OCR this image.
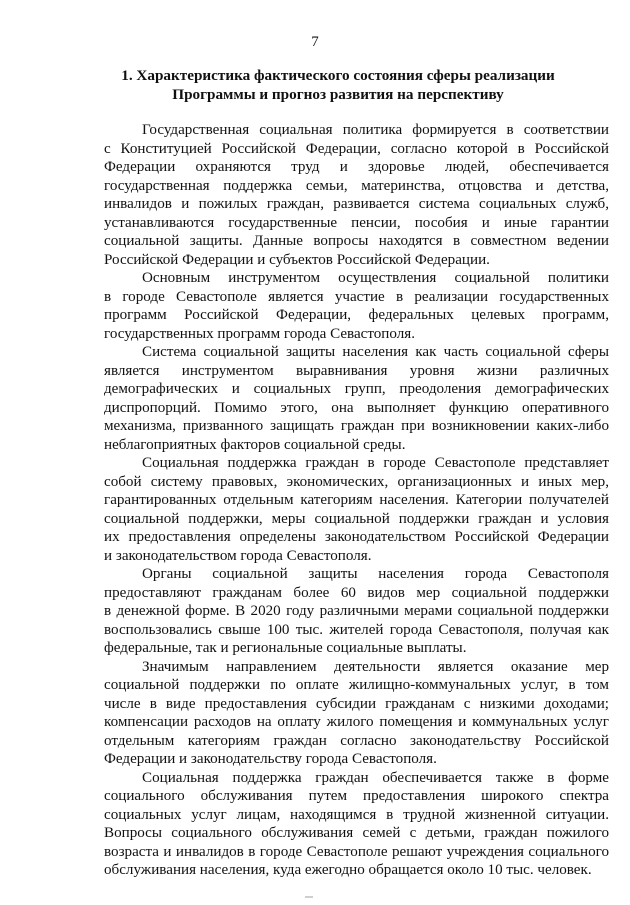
7
1. Характеристика фактического состояния сферы реализации
Программы и прогноз развития на перспективу

Государственная социальная политика формируется в соответствии
с Конституцией Российской Федерации, согласно которой в Российской
Федерации охраняются труд и здоровье людей, обеспечивается
государственная поддержка семьи, материнства, отцовства и детства,
инвалидов и пожилых граждан, развивается система социальных служб,
устанавливаются государственные пенсии, пособия и иные гарантии
социальной защиты. Данные вопросы находятся в совместном ведении
Российской Федерации и субъектов Российской Федерации.

Основным инструментом осуществления социальной политики
в городе Севастополе является участие в реализации государственных
программ Российской Федерации, федеральных целевых программ,
государственных программ города Севастополя.

Система социальной защиты населения как часть социальной сферы
является инструментом выравнивания уровня жизни различных
демографических и социальных групп, преодоления демографических
диспропорций. Помимо этого, она выполняет функцию оперативного
механизма, призванного защищать граждан при возникновении каких-либо
неблагоприятных факторов социальной среды.

Социальная поддержка граждан в городе Севастополе представляет
собой систему правовых, экономических, организационных и иных мер,
гарантированных отдельным категориям населения. Категории получателей
социальной поддержки, меры социальной поддержки граждан и условия
их предоставления определены законодательством Российской Федерации
и законодательством города Севастополя.

Органы социальной защиты населения города Севастополя
предоставляют гражданам более 60 видов мер социальной поддержки
в денежной форме. В 2020 году различными мерами социальной поддержки
воспользовались свыше 100 тыс. жителей города Севастополя, получая как
федеральные, так и региональные социальные выплаты.

Значимым направлением деятельности является оказание мер
социальной поддержки по оплате жилищно-коммунальных услуг, в том
числе в виде предоставления субсидии гражданам с низкими доходами;
компенсации расходов на оплату жилого помещения и коммунальных услуг
отдельным категориям граждан согласно законодательству Российской
Федерации и законодательству города Севастополя.

Социальная поддержка граждан обеспечивается также в форме
социального обслуживания путем предоставления широкого спектра
социальных услуг лицам, находящимся в трудной жизненной ситуации.
Вопросы социального обслуживания семей с детьми, граждан пожилого
возраста и инвалидов в городе Севастополе решают учреждения социального
обслуживания населения, куда ежегодно обращается около 10 тыс. человек.
